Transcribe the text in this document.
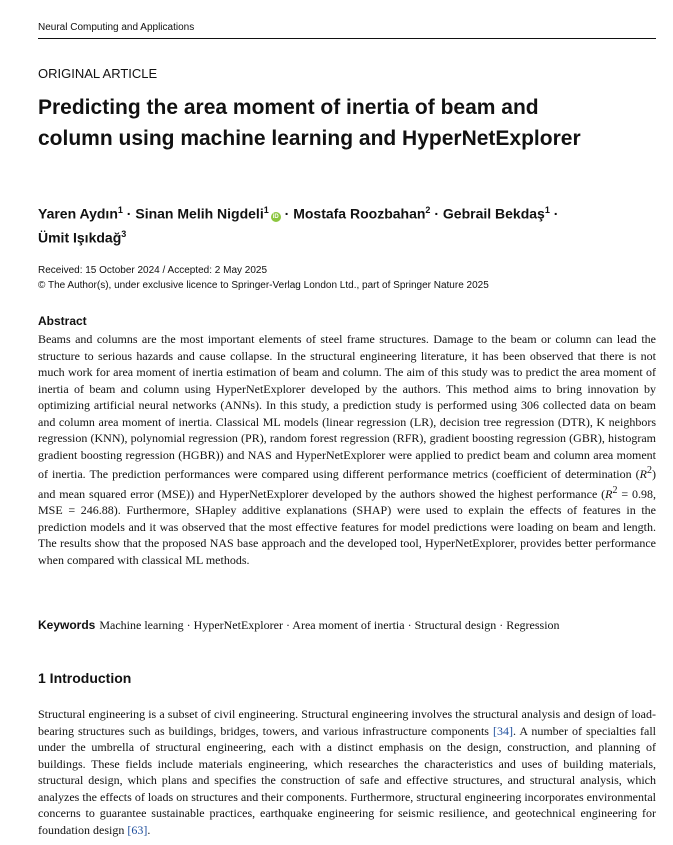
Neural Computing and Applications
ORIGINAL ARTICLE
Predicting the area moment of inertia of beam and column using machine learning and HyperNetExplorer
Yaren Aydın$^1$ · Sinan Melih Nigdeli$^1$iD · Mostafa Roozbahan$^2$ · Gebrail Bekdaş$^1$ ·
Ümit Işıkdağ$^3$
Received: 15 October 2024 / Accepted: 2 May 2025
© The Author(s), under exclusive licence to Springer-Verlag London Ltd., part of Springer Nature 2025
Abstract

Beams and columns are the most important elements of steel frame structures. Damage to the beam or column can lead the structure to serious hazards and cause collapse. In the structural engineering literature, it has been observed that there is not much work for area moment of inertia estimation of beam and column. The aim of this study was to predict the area moment of inertia of beam and column using HyperNetExplorer developed by the authors. This method aims to bring innovation by optimizing artificial neural networks (ANNs). In this study, a prediction study is performed using 306 collected data on beam and column area moment of inertia. Classical ML models (linear regression (LR), decision tree regression (DTR), K neighbors regression (KNN), polynomial regression (PR), random forest regression (RFR), gradient boosting regression (GBR), histogram gradient boosting regression (HGBR)) and NAS and HyperNetExplorer were applied to predict beam and column area moment of inertia. The prediction performances were compared using different performance metrics (coefficient of determination $(R^2)$ and mean squared error (MSE)) and HyperNetExplorer developed by the authors showed the highest performance ($R^2 = 0.98$, MSE = 246.88). Furthermore, SHapley additive explanations (SHAP) were used to explain the effects of features in the prediction models and it was observed that the most effective features for model predictions were loading on beam and length. The results show that the proposed NAS base approach and the developed tool, HyperNetExplorer, provides better performance when compared with classical ML methods.

Keywords Machine learning · HyperNetExplorer · Area moment of inertia · Structural design · Regression
1 Introduction

Structural engineering is a subset of civil engineering. Structural engineering involves the structural analysis and design of load-bearing structures such as buildings, bridges, towers, and various infrastructure components [34]. A number of specialties fall under the umbrella of structural engineering, each with a distinct emphasis on the design, construction, and planning of buildings. These fields include materials engineering, which researches the characteristics and uses of building materials, structural design, which plans and specifies the construction of safe and effective structures, and structural analysis, which analyzes the effects of loads on structures and their components. Furthermore, structural engineering incorporates environmental concerns to guarantee sustainable practices, earthquake engineering for seismic resilience, and geotechnical engineering for foundation design [63].
